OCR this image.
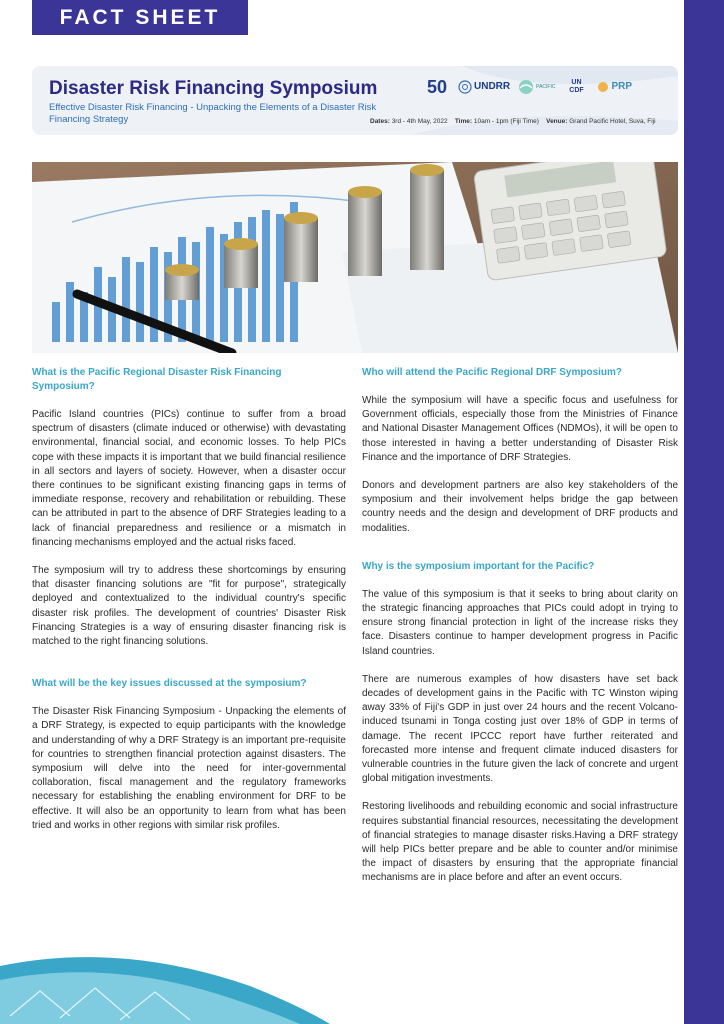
FACT SHEET
Disaster Risk Financing Symposium
Effective Disaster Risk Financing - Unpacking the Elements of a Disaster Risk Financing Strategy
50	UNDRR	PACIFIC
UN CDF	PRP
Dates: 3rd - 4th May, 2022 Time: 10am - 1pm (Fiji Time) Venue: Grand Pacific Hotel, Suva, Fiji
What is the Pacific Regional Disaster Risk Financing Symposium?

Pacific Island countries (PICs) continue to suffer from a broad spectrum of disasters (climate induced or otherwise) with devastating environmental, financial social, and economic losses. To help PICs cope with these impacts it is important that we build financial resilience in all sectors and layers of society. However, when a disaster occur there continues to be significant existing financing gaps in terms of immediate response, recovery and rehabilitation or rebuilding. These can be attributed in part to the absence of DRF Strategies leading to a lack of financial preparedness and resilience or a mismatch in financing mechanisms employed and the actual risks faced.

The symposium will try to address these shortcomings by ensuring that disaster financing solutions are "fit for purpose", strategically deployed and contextualized to the individual country's specific disaster risk profiles. The development of countries' Disaster Risk Financing Strategies is a way of ensuring disaster financing risk is matched to the right financing solutions.

What will be the key issues discussed at the symposium?

The Disaster Risk Financing Symposium - Unpacking the elements of a DRF Strategy, is expected to equip participants with the knowledge and understanding of why a DRF Strategy is an important pre-requisite for countries to strengthen financial protection against disasters. The symposium will delve into the need for inter-governmental collaboration, fiscal management and the regulatory frameworks necessary for establishing the enabling environment for DRF to be effective. It will also be an opportunity to learn from what has been tried and works in other regions with similar risk profiles.

Who will attend the Pacific Regional DRF Symposium?

While the symposium will have a specific focus and usefulness for Government officials, especially those from the Ministries of Finance and National Disaster Management Offices (NDMOs), it will be open to those interested in having a better understanding of Disaster Risk Finance and the importance of DRF Strategies.

Donors and development partners are also key stakeholders of the symposium and their involvement helps bridge the gap between country needs and the design and development of DRF products and modalities.

Why is the symposium important for the Pacific?

The value of this symposium is that it seeks to bring about clarity on the strategic financing approaches that PICs could adopt in trying to ensure strong financial protection in light of the increase risks they face. Disasters continue to hamper development progress in Pacific Island countries.

There are numerous examples of how disasters have set back decades of development gains in the Pacific with TC Winston wiping away 33% of Fiji's GDP in just over 24 hours and the recent Volcano-induced tsunami in Tonga costing just over 18% of GDP in terms of damage. The recent IPCCC report have further reiterated and forecasted more intense and frequent climate induced disasters for vulnerable countries in the future given the lack of concrete and urgent global mitigation investments.

Restoring livelihoods and rebuilding economic and social infrastructure requires substantial financial resources, necessitating the development of financial strategies to manage disaster risks.Having a DRF strategy will help PICs better prepare and be able to counter and/or minimise the impact of disasters by ensuring that the appropriate financial mechanisms are in place before and after an event occurs.
